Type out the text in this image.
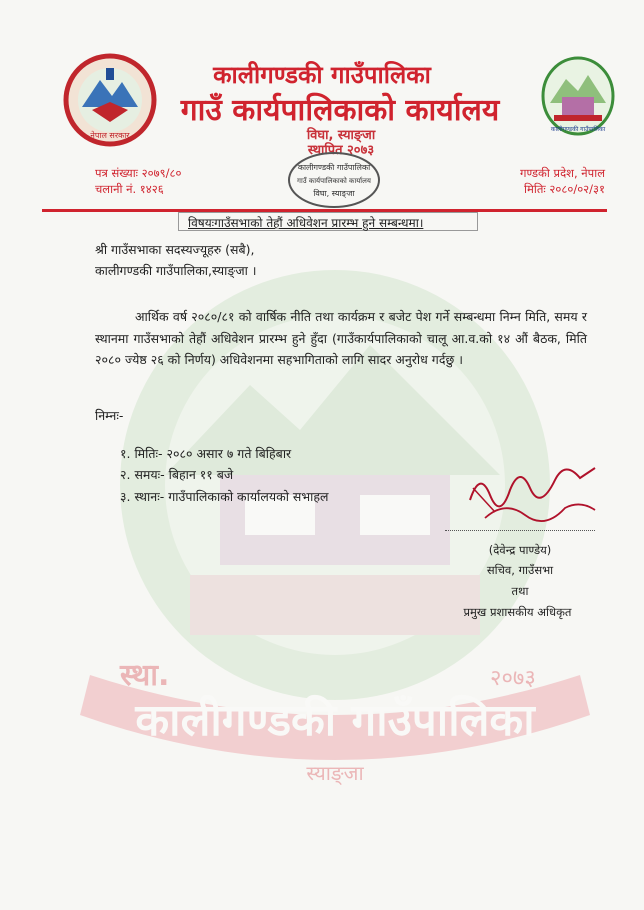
कालीगण्डकी गाउँपालिका
स्था.	२०७३
स्याङ्जा
नेपाल सरकार
कालीगण्डकी गाउँपालिका
कालीगण्डकी गाउँपालिका
गाउँ कार्यपालिकाको कार्यालय
विघा, स्याङ्जा
स्थापित २०७३
कालीगण्डकी गाउँपालिका
गाउँ कार्यपालिकाको कार्यालय
विघा, स्याङ्जा
पत्र संख्याः २०७९/८०
चलानी नं. १४२६
गण्डकी प्रदेश, नेपाल
मितिः २०८०/०२/३१
विषयःगाउँसभाको तेहौं अधिवेशन प्रारम्भ हुने सम्बन्धमा।
श्री गाउँसभाका सदस्यज्यूहरु (सबै),
कालीगण्डकी गाउँपालिका,स्याङ्जा ।
आर्थिक वर्ष २०८०/८१ को वार्षिक नीति तथा कार्यक्रम र बजेट पेश गर्ने सम्बन्धमा निम्न मिति, समय र स्थानमा गाउँसभाको तेहौं अधिवेशन प्रारम्भ हुने हुँदा (गाउँकार्यपालिकाको चालू आ.व.को १४ औं बैठक, मिति २०८० ज्येष्ठ २६ को निर्णय) अधिवेशनमा सहभागिताको लागि सादर अनुरोध गर्दछु ।
निम्नः-
१. मितिः- २०८० असार ७ गते बिहिबार
२. समयः- बिहान ११ बजे
३. स्थानः- गाउँपालिकाको कार्यालयको सभाहल
(देवेन्द्र पाण्डेय)
सचिव, गाउँसभा
तथा
प्रमुख प्रशासकीय अधिकृत
